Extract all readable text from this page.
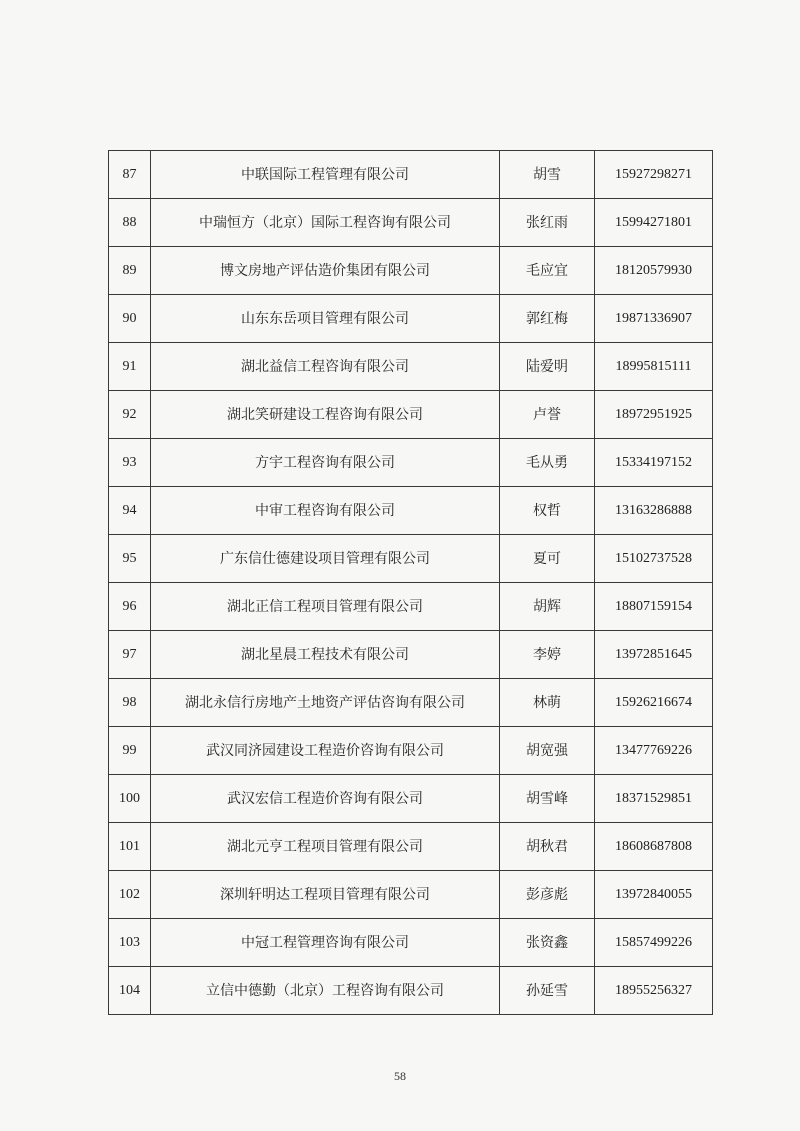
87	中联国际工程管理有限公司	胡雪	15927298271
88	中瑞恒方（北京）国际工程咨询有限公司	张红雨	15994271801
89	博文房地产评估造价集团有限公司	毛应宜	18120579930
90	山东东岳项目管理有限公司	郭红梅	19871336907
91	湖北益信工程咨询有限公司	陆爱明	18995815111
92	湖北笑研建设工程咨询有限公司	卢誉	18972951925
93	方宇工程咨询有限公司	毛从勇	15334197152
94	中审工程咨询有限公司	权哲	13163286888
95	广东信仕德建设项目管理有限公司	夏可	15102737528
96	湖北正信工程项目管理有限公司	胡辉	18807159154
97	湖北星晨工程技术有限公司	李婷	13972851645
98	湖北永信行房地产土地资产评估咨询有限公司	林萌	15926216674
99	武汉同济园建设工程造价咨询有限公司	胡宽强	13477769226
100	武汉宏信工程造价咨询有限公司	胡雪峰	18371529851
101	湖北元亨工程项目管理有限公司	胡秋君	18608687808
102	深圳轩明达工程项目管理有限公司	彭彦彪	13972840055
103	中冠工程管理咨询有限公司	张资鑫	15857499226
104	立信中德勤（北京）工程咨询有限公司	孙延雪	18955256327
58
